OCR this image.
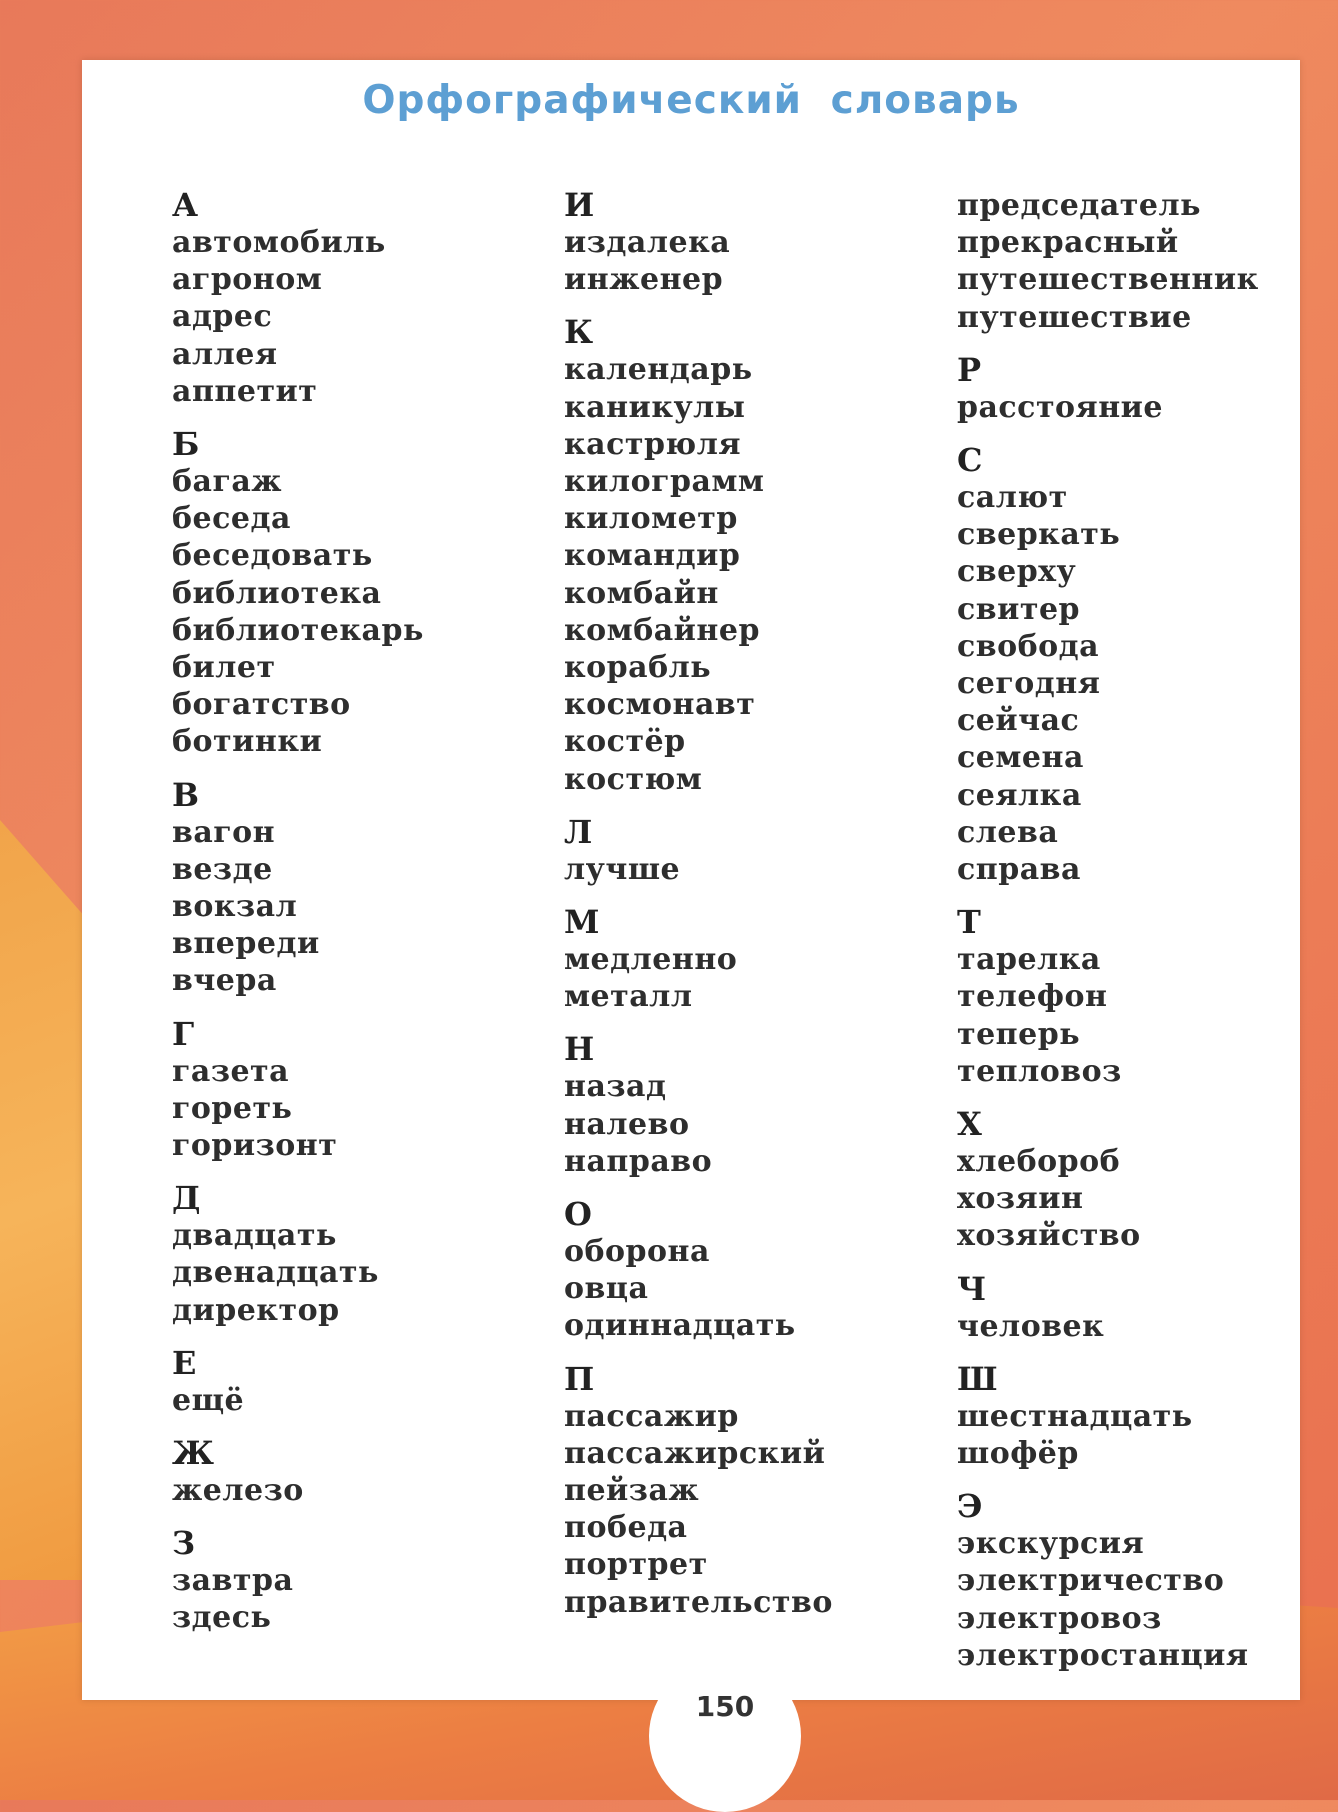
Орфографический словарь
А
автомобиль
агроном
адрес
аллея
аппетит
Б
багаж
беседа
беседовать
библиотека
библиотекарь
билет
богатство
ботинки
В
вагон
везде
вокзал
впереди
вчера
Г
газета
гореть
горизонт
Д
двадцать
двенадцать
директор
Е
ещё
Ж
железо
З
завтра
здесь
И
издалека
инженер
К
календарь
каникулы
кастрюля
килограмм
километр
командир
комбайн
комбайнер
корабль
космонавт
костёр
костюм
Л
лучше
М
медленно
металл
Н
назад
налево
направо
О
оборона
овца
одиннадцать
П
пассажир
пассажирский
пейзаж
победа
портрет
правительство
председатель
прекрасный
путешественник
путешествие
Р
расстояние
С
салют
сверкать
сверху
свитер
свобода
сегодня
сейчас
семена
сеялка
слева
справа
Т
тарелка
телефон
теперь
тепловоз
Х
хлебороб
хозяин
хозяйство
Ч
человек
Ш
шестнадцать
шофёр
Э
экскурсия
электричество
электровоз
электростанция
150
